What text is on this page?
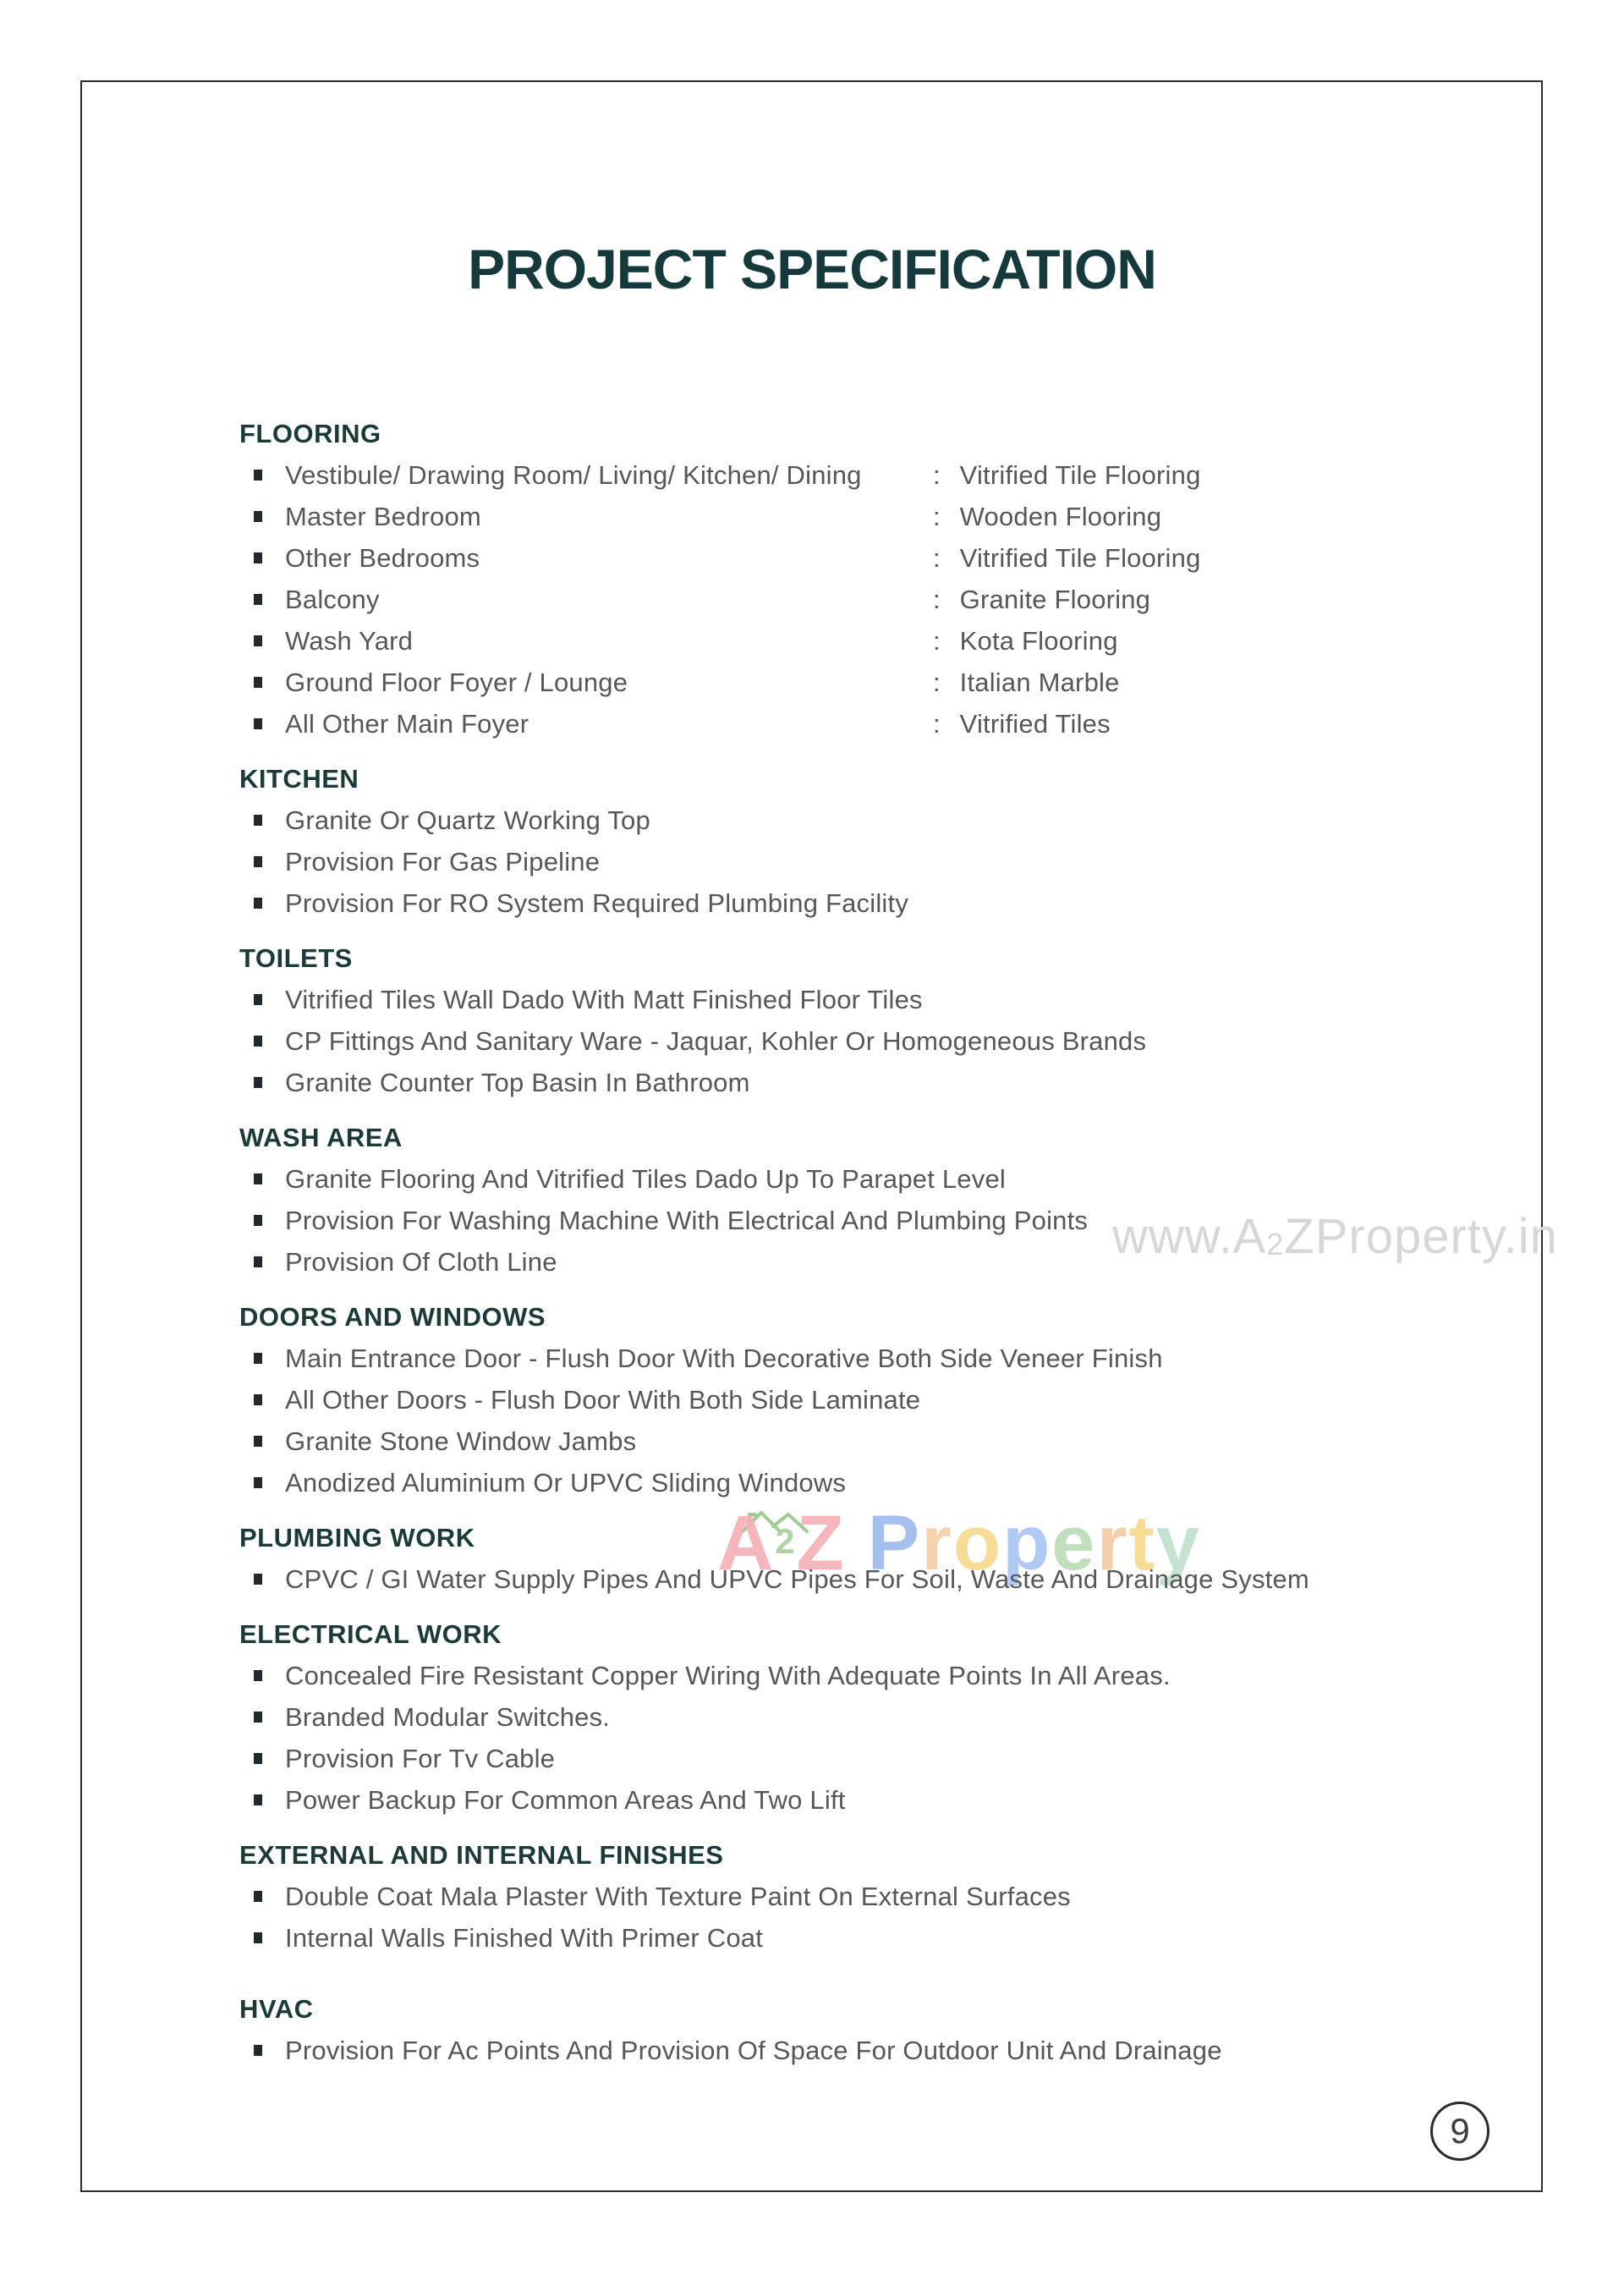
www.A2ZProperty.in
A2Z Property
PROJECT SPECIFICATION
FLOORING
Vestibule/ Drawing Room/ Living/ Kitchen/ Dining	: Vitrified Tile Flooring
Master Bedroom	: Wooden Flooring
Other Bedrooms	: Vitrified Tile Flooring
Balcony	: Granite Flooring
Wash Yard	: Kota Flooring
Ground Floor Foyer / Lounge	: Italian Marble
All Other Main Foyer	: Vitrified Tiles
KITCHEN
Granite Or Quartz Working Top
Provision For Gas Pipeline
Provision For RO System Required Plumbing Facility
TOILETS
Vitrified Tiles Wall Dado With Matt Finished Floor Tiles
CP Fittings And Sanitary Ware - Jaquar, Kohler Or Homogeneous Brands
Granite Counter Top Basin In Bathroom
WASH AREA
Granite Flooring And Vitrified Tiles Dado Up To Parapet Level
Provision For Washing Machine With Electrical And Plumbing Points
Provision Of Cloth Line
DOORS AND WINDOWS
Main Entrance Door - Flush Door With Decorative Both Side Veneer Finish
All Other Doors - Flush Door With Both Side Laminate
Granite Stone Window Jambs
Anodized Aluminium Or UPVC Sliding Windows
PLUMBING WORK
CPVC / GI Water Supply Pipes And UPVC Pipes For Soil, Waste And Drainage System
ELECTRICAL WORK
Concealed Fire Resistant Copper Wiring With Adequate Points In All Areas.
Branded Modular Switches.
Provision For Tv Cable
Power Backup For Common Areas And Two Lift
EXTERNAL AND INTERNAL FINISHES
Double Coat Mala Plaster With Texture Paint On External Surfaces
Internal Walls Finished With Primer Coat
HVAC
Provision For Ac Points And Provision Of Space For Outdoor Unit And Drainage
9
